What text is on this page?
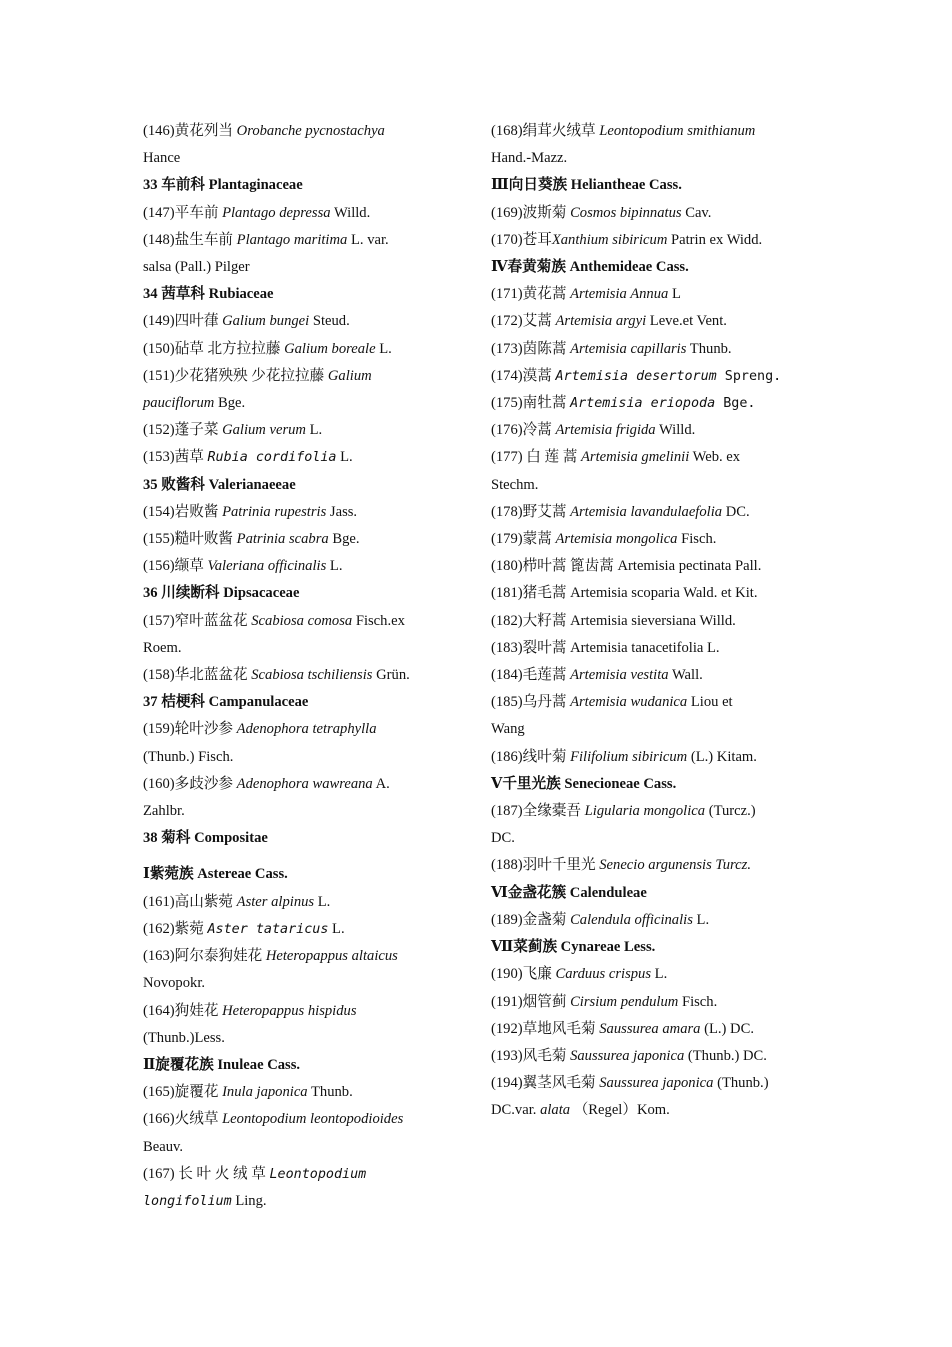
(146)黄花列当 Orobanche pycnostachya
Hance
33 车前科 Plantaginaceae
(147)平车前 Plantago depressa Willd.
(148)盐生车前 Plantago maritima L. var.
salsa (Pall.) Pilger
34 茜草科 Rubiaceae
(149)四叶葎 Galium bungei Steud.
(150)砧草 北方拉拉藤 Galium boreale L.
(151)少花猪殃殃 少花拉拉藤 Galium
pauciflorum Bge.
(152)蓬子菜 Galium verum L.
(153)茜草 Rubia cordifolia L.
35 败酱科 Valerianaeeae
(154)岩败酱 Patrinia rupestris Jass.
(155)糙叶败酱 Patrinia scabra Bge.
(156)缬草 Valeriana officinalis L.
36 川续断科 Dipsacaceae
(157)窄叶蓝盆花 Scabiosa comosa Fisch.ex
Roem.
(158)华北蓝盆花 Scabiosa tschiliensis Grün.
37 桔梗科 Campanulaceae
(159)轮叶沙参 Adenophora tetraphylla
(Thunb.) Fisch.
(160)多歧沙参 Adenophora wawreana A.
Zahlbr.
38 菊科 Compositae
Ⅰ紫菀族 Astereae Cass.
(161)高山紫菀 Aster alpinus L.
(162)紫菀 Aster tataricus L.
(163)阿尔泰狗娃花 Heteropappus altaicus
Novopokr.
(164)狗娃花 Heteropappus hispidus
(Thunb.)Less.
Ⅱ旋覆花族 Inuleae Cass.
(165)旋覆花 Inula japonica Thunb.
(166)火绒草 Leontopodium leontopodioides
Beauv.
(167) 长 叶 火 绒 草 Leontopodium
longifolium Ling.
(168)绢茸火绒草 Leontopodium smithianum
Hand.-Mazz.
Ⅲ向日葵族 Heliantheae Cass.
(169)波斯菊 Cosmos bipinnatus Cav.
(170)苍耳Xanthium sibiricum Patrin ex Widd.
Ⅳ春黄菊族 Anthemideae Cass.
(171)黄花蒿 Artemisia Annua L
(172)艾蒿 Artemisia argyi Leve.et Vent.
(173)茵陈蒿 Artemisia capillaris Thunb.
(174)漠蒿 Artemisia desertorum Spreng.
(175)南牡蒿 Artemisia eriopoda Bge.
(176)冷蒿 Artemisia frigida Willd.
(177) 白 莲 蒿 Artemisia gmelinii Web. ex
Stechm.
(178)野艾蒿 Artemisia lavandulaefolia DC.
(179)蒙蒿 Artemisia mongolica Fisch.
(180)栉叶蒿 篦齿蒿 Artemisia pectinata Pall.
(181)猪毛蒿 Artemisia scoparia Wald. et Kit.
(182)大籽蒿 Artemisia sieversiana Willd.
(183)裂叶蒿 Artemisia tanacetifolia L.
(184)毛莲蒿 Artemisia vestita Wall.
(185)乌丹蒿 Artemisia wudanica Liou et
Wang
(186)线叶菊 Filifolium sibiricum (L.) Kitam.
Ⅴ千里光族 Senecioneae Cass.
(187)全缘橐吾 Ligularia mongolica (Turcz.)
DC.
(188)羽叶千里光 Senecio argunensis Turcz.
Ⅵ金盏花簇 Calenduleae
(189)金盏菊 Calendula officinalis L.
Ⅶ菜蓟族 Cynareae Less.
(190)飞廉 Carduus crispus L.
(191)烟管蓟 Cirsium pendulum Fisch.
(192)草地风毛菊 Saussurea amara (L.) DC.
(193)风毛菊 Saussurea japonica (Thunb.) DC.
(194)翼茎风毛菊 Saussurea japonica (Thunb.)
DC.var. alata （Regel）Kom.
